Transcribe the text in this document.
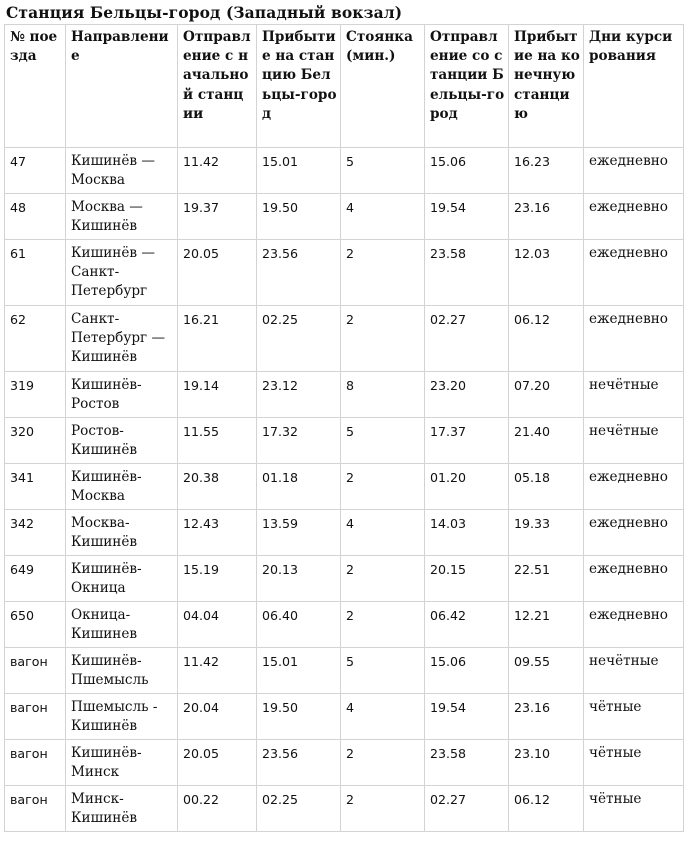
Станция Бельцы-город (Западный вокзал)
№ поезда	Направление	Отправление с начальной станции	Прибытие на станцию Бельцы-город	Стоянка (мин.)	Отправление со станции Бельцы-город	Прибытие на конечную станцию	Дни курсирования
47	Кишинёв — Москва	11.42	15.01	5	15.06	16.23	ежедневно
48	Москва — Кишинёв	19.37	19.50	4	19.54	23.16	ежедневно
61	Кишинёв — Санкт-Петербург	20.05	23.56	2	23.58	12.03	ежедневно
62	Санкт-Петербург — Кишинёв	16.21	02.25	2	02.27	06.12	ежедневно
319	Кишинёв-Ростов	19.14	23.12	8	23.20	07.20	нечётные
320	Ростов-Кишинёв	11.55	17.32	5	17.37	21.40	нечётные
341	Кишинёв-Москва	20.38	01.18	2	01.20	05.18	ежедневно
342	Москва-Кишинёв	12.43	13.59	4	14.03	19.33	ежедневно
649	Кишинёв-Окница	15.19	20.13	2	20.15	22.51	ежедневно
650	Окница-Кишинев	04.04	06.40	2	06.42	12.21	ежедневно
вагон	Кишинёв-Пшемысль	11.42	15.01	5	15.06	09.55	нечётные
вагон	Пшемысль - Кишинёв	20.04	19.50	4	19.54	23.16	чётные
вагон	Кишинёв-Минск	20.05	23.56	2	23.58	23.10	чётные
вагон	Минск-Кишинёв	00.22	02.25	2	02.27	06.12	чётные
